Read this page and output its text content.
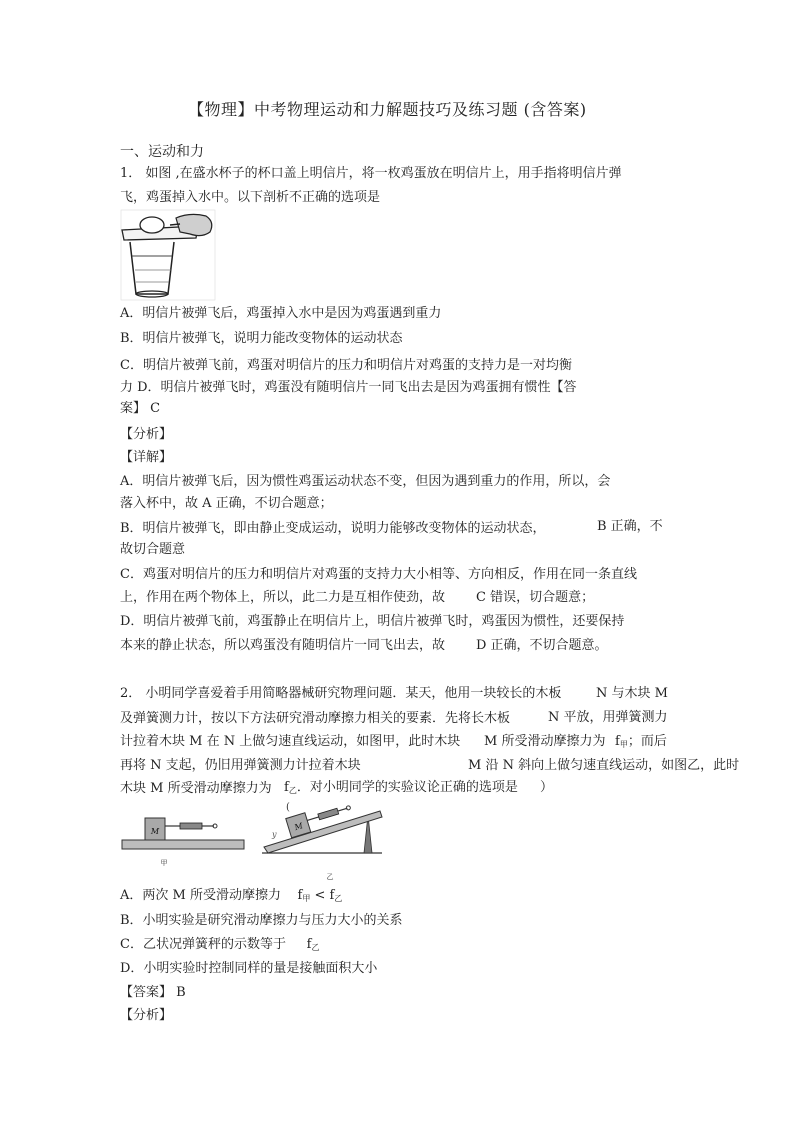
【物理】中考物理运动和力解题技巧及练习题 (含答案)
一、运动和力
1． 如图 ,在盛水杯子的杯口盖上明信片，将一枚鸡蛋放在明信片上，用手指将明信片弹
飞，鸡蛋掉入水中。以下剖析不正确的选项是
A．明信片被弹飞后，鸡蛋掉入水中是因为鸡蛋遇到重力
B．明信片被弹飞，说明力能改变物体的运动状态
C．明信片被弹飞前，鸡蛋对明信片的压力和明信片对鸡蛋的支持力是一对均衡
力 D．明信片被弹飞时，鸡蛋没有随明信片一同飞出去是因为鸡蛋拥有惯性【答
案】 C
【分析】
【详解】
A．明信片被弹飞后，因为惯性鸡蛋运动状态不变，但因为遇到重力的作用，所以，会
落入杯中，故 A 正确，不切合题意；
B．明信片被弹飞，即由静止变成运动，说明力能够改变物体的运动状态，	B 正确，不
故切合题意
C．鸡蛋对明信片的压力和明信片对鸡蛋的支持力大小相等、方向相反，作用在同一条直线
上，作用在两个物体上，所以，此二力是互相作使劲，故 C 错误，切合题意；
D．明信片被弹飞前，鸡蛋静止在明信片上，明信片被弹飞时，鸡蛋因为惯性，还要保持
本来的静止状态，所以鸡蛋没有随明信片一同飞出去，故 D 正确，不切合题意。
2． 小明同学喜爱着手用简略器械研究物理问题．某天，他用一块较长的木板	N 与木块 M
及弹簧测力计，按以下方法研究滑动摩擦力相关的要素．先将长木板	N 平放，用弹簧测力
计拉着木块 M 在 N 上做匀速直线运动，如图甲，此时木块 M 所受滑动摩擦力为 $f_甲$；而后
再将 N 支起，仍旧用弹簧测力计拉着木块	M 沿 N 斜向上做匀速直线运动，如图乙，此时
木块 M 所受滑动摩擦力为 $f_乙$．对小明同学的实验议论正确的选项是 ）
M
甲
(
M
y
乙
A．两次 M 所受滑动摩擦力 $f_甲 < f_乙$
B．小明实验是研究滑动摩擦力与压力大小的关系
C．乙状况弹簧秤的示数等于 $f_乙$
D．小明实验时控制同样的量是接触面积大小
【答案】 B
【分析】
